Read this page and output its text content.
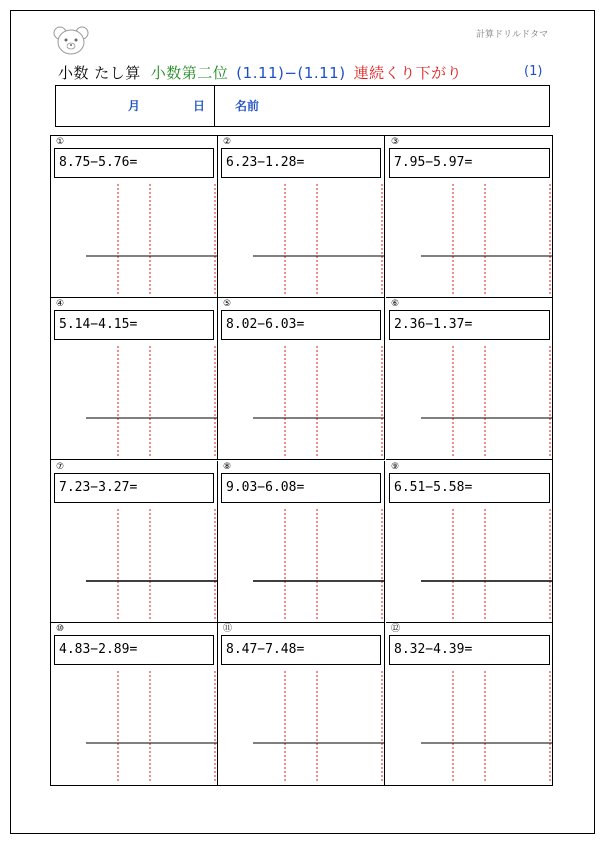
計算ドリルドタマ
小数 たし算 小数第二位 (1.11)−(1.11) 連続くり下がり	(1)
月	日 名前
①
8.75−5.76=
②
6.23−1.28=
③
7.95−5.97=
④
5.14−4.15=
⑤
8.02−6.03=
⑥
2.36−1.37=
⑦
7.23−3.27=
⑧
9.03−6.08=
⑨
6.51−5.58=
⑩
4.83−2.89=
⑪
8.47−7.48=
⑫
8.32−4.39=
